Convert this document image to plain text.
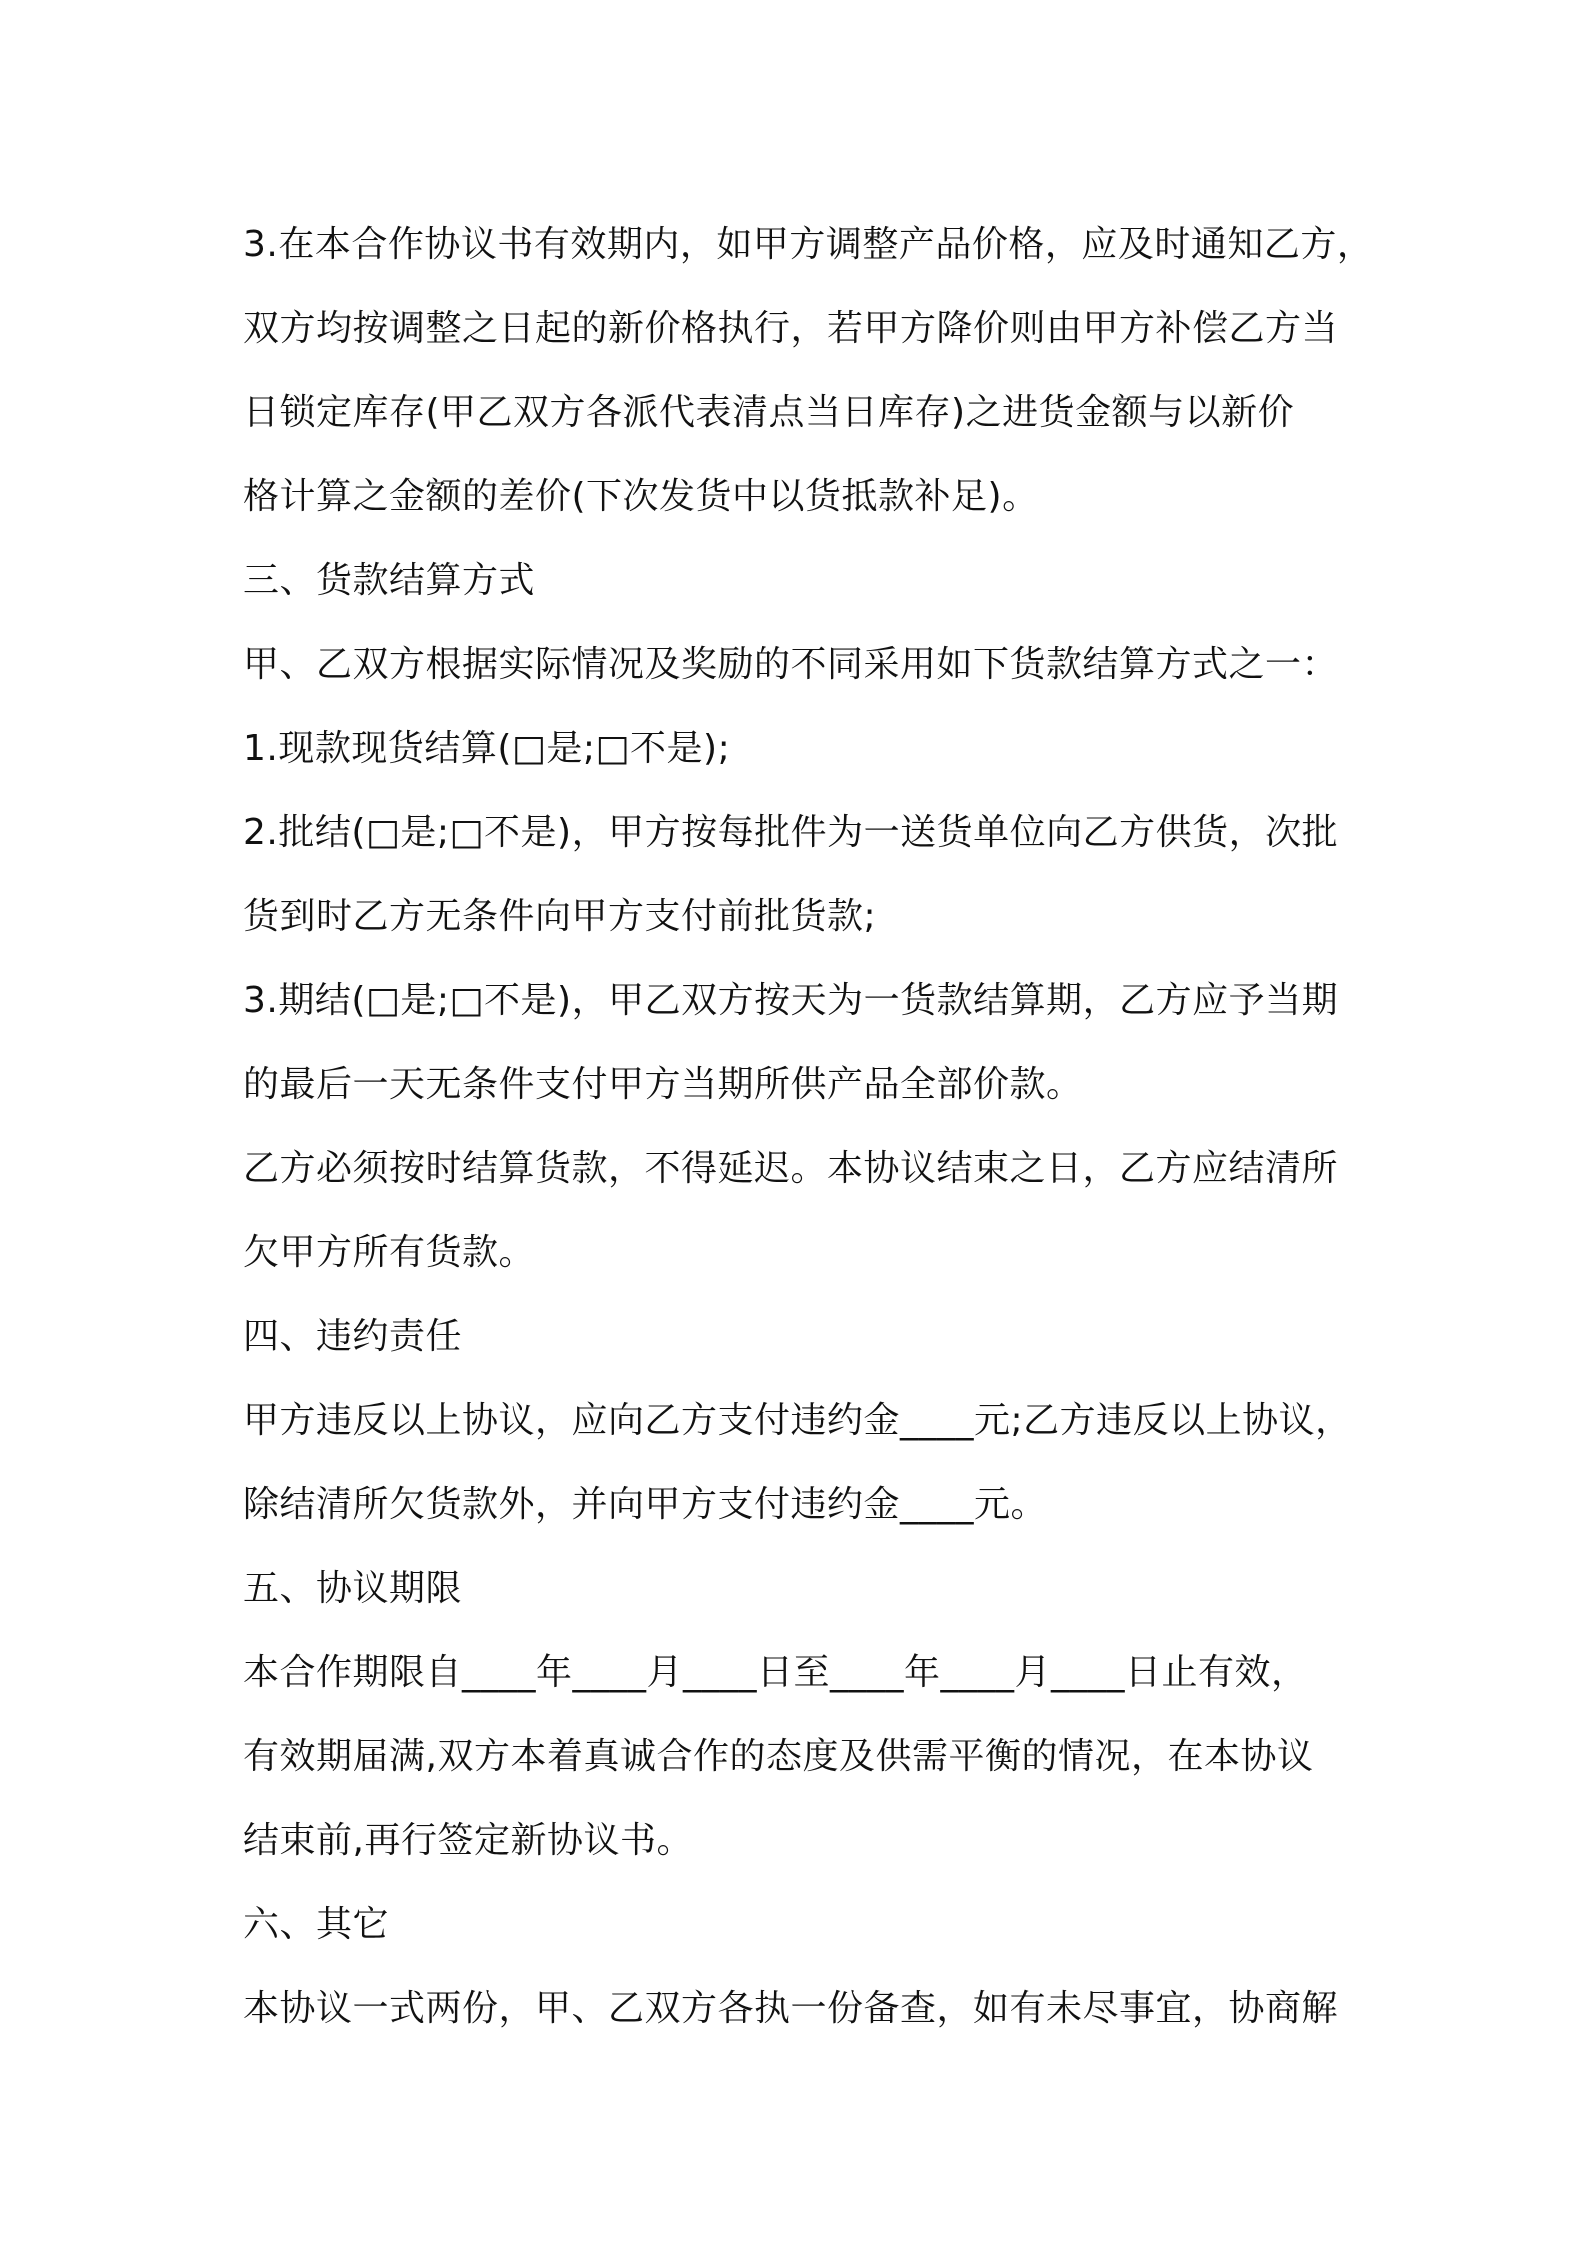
3.在本合作协议书有效期内，如甲方调整产品价格，应及时通知乙方，
双方均按调整之日起的新价格执行，若甲方降价则由甲方补偿乙方当
日锁定库存(甲乙双方各派代表清点当日库存)之进货金额与以新价
格计算之金额的差价(下次发货中以货抵款补足)。
三、货款结算方式
甲、乙双方根据实际情况及奖励的不同采用如下货款结算方式之一：
1.现款现货结算(□是;□不是);
2.批结(□是;□不是)，甲方按每批件为一送货单位向乙方供货，次批
货到时乙方无条件向甲方支付前批货款;
3.期结(□是;□不是)，甲乙双方按天为一货款结算期，乙方应予当期
的最后一天无条件支付甲方当期所供产品全部价款。
乙方必须按时结算货款，不得延迟。本协议结束之日，乙方应结清所
欠甲方所有货款。
四、违约责任
甲方违反以上协议，应向乙方支付违约金____元;乙方违反以上协议，
除结清所欠货款外，并向甲方支付违约金____元。
五、协议期限
本合作期限自____年____月____日至____年____月____日止有效，
有效期届满,双方本着真诚合作的态度及供需平衡的情况，在本协议
结束前,再行签定新协议书。
六、其它
本协议一式两份，甲、乙双方各执一份备查，如有未尽事宜，协商解
